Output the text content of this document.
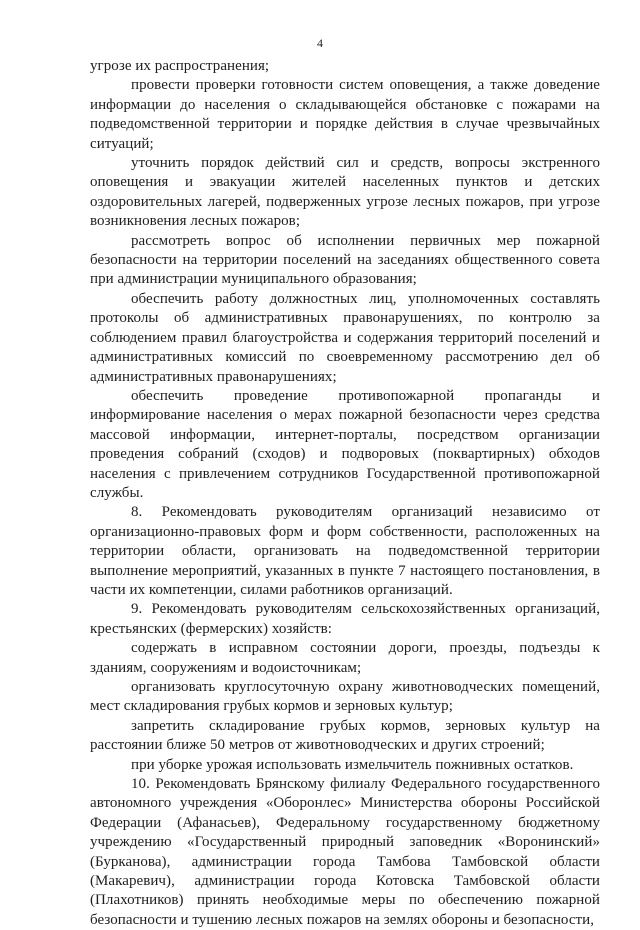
4

угрозе их распространения;

провести проверки готовности систем оповещения, а также доведение информации до населения о складывающейся обстановке с пожарами на подведомственной территории и порядке действия в случае чрезвычайных ситуаций;

уточнить порядок действий сил и средств, вопросы экстренного оповещения и эвакуации жителей населенных пунктов и детских оздоровительных лагерей, подверженных угрозе лесных пожаров, при угрозе возникновения лесных пожаров;

рассмотреть вопрос об исполнении первичных мер пожарной безопасности на территории поселений на заседаниях общественного совета при администрации муниципального образования;

обеспечить работу должностных лиц, уполномоченных составлять протоколы об административных правонарушениях, по контролю за соблюдением правил благоустройства и содержания территорий поселений и административных комиссий по своевременному рассмотрению дел об административных правонарушениях;

обеспечить проведение противопожарной пропаганды и информирование населения о мерах пожарной безопасности через средства массовой информации, интернет-порталы, посредством организации проведения собраний (сходов) и подворовых (поквартирных) обходов населения с привлечением сотрудников Государственной противопожарной службы.

8. Рекомендовать руководителям организаций независимо от организационно-правовых форм и форм собственности, расположенных на территории области, организовать на подведомственной территории выполнение мероприятий, указанных в пункте 7 настоящего постановления, в части их компетенции, силами работников организаций.

9. Рекомендовать руководителям сельскохозяйственных организаций, крестьянских (фермерских) хозяйств:

содержать в исправном состоянии дороги, проезды, подъезды к зданиям, сооружениям и водоисточникам;

организовать круглосуточную охрану животноводческих помещений, мест складирования грубых кормов и зерновых культур;

запретить складирование грубых кормов, зерновых культур на расстоянии ближе 50 метров от животноводческих и других строений;

при уборке урожая использовать измельчитель пожнивных остатков.

10. Рекомендовать Брянскому филиалу Федерального государственного автономного учреждения «Оборонлес» Министерства обороны Российской Федерации (Афанасьев), Федеральному государственному бюджетному учреждению «Государственный природный заповедник «Воронинский» (Бурканова), администрации города Тамбова Тамбовской области (Макаревич), администрации города Котовска Тамбовской области (Плахотников) принять необходимые меры по обеспечению пожарной безопасности и тушению лесных пожаров на землях обороны и безопасности,
